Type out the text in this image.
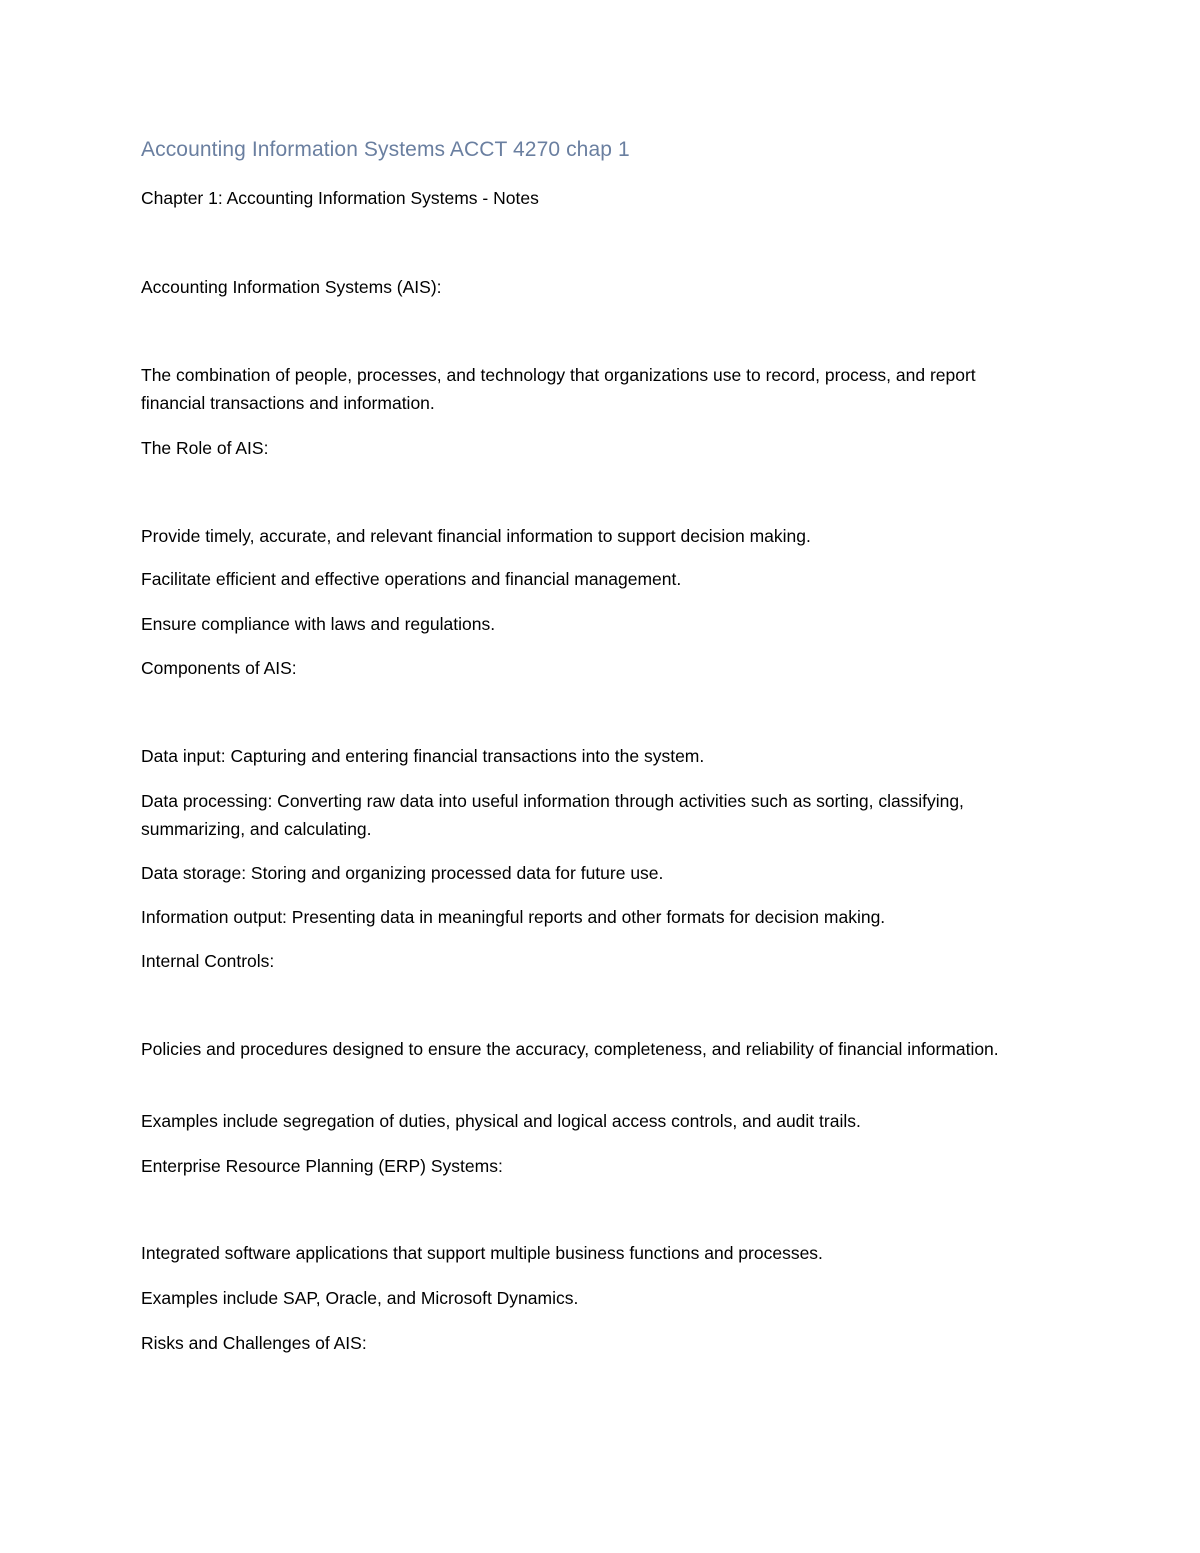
Accounting Information Systems ACCT 4270 chap 1
Chapter 1: Accounting Information Systems - Notes
Accounting Information Systems (AIS):
The combination of people, processes, and technology that organizations use to record, process, and report financial transactions and information.
The Role of AIS:
Provide timely, accurate, and relevant financial information to support decision making.
Facilitate efficient and effective operations and financial management.
Ensure compliance with laws and regulations.
Components of AIS:
Data input: Capturing and entering financial transactions into the system.
Data processing: Converting raw data into useful information through activities such as sorting, classifying, summarizing, and calculating.
Data storage: Storing and organizing processed data for future use.
Information output: Presenting data in meaningful reports and other formats for decision making.
Internal Controls:
Policies and procedures designed to ensure the accuracy, completeness, and reliability of financial information.
Examples include segregation of duties, physical and logical access controls, and audit trails.
Enterprise Resource Planning (ERP) Systems:
Integrated software applications that support multiple business functions and processes.
Examples include SAP, Oracle, and Microsoft Dynamics.
Risks and Challenges of AIS:
